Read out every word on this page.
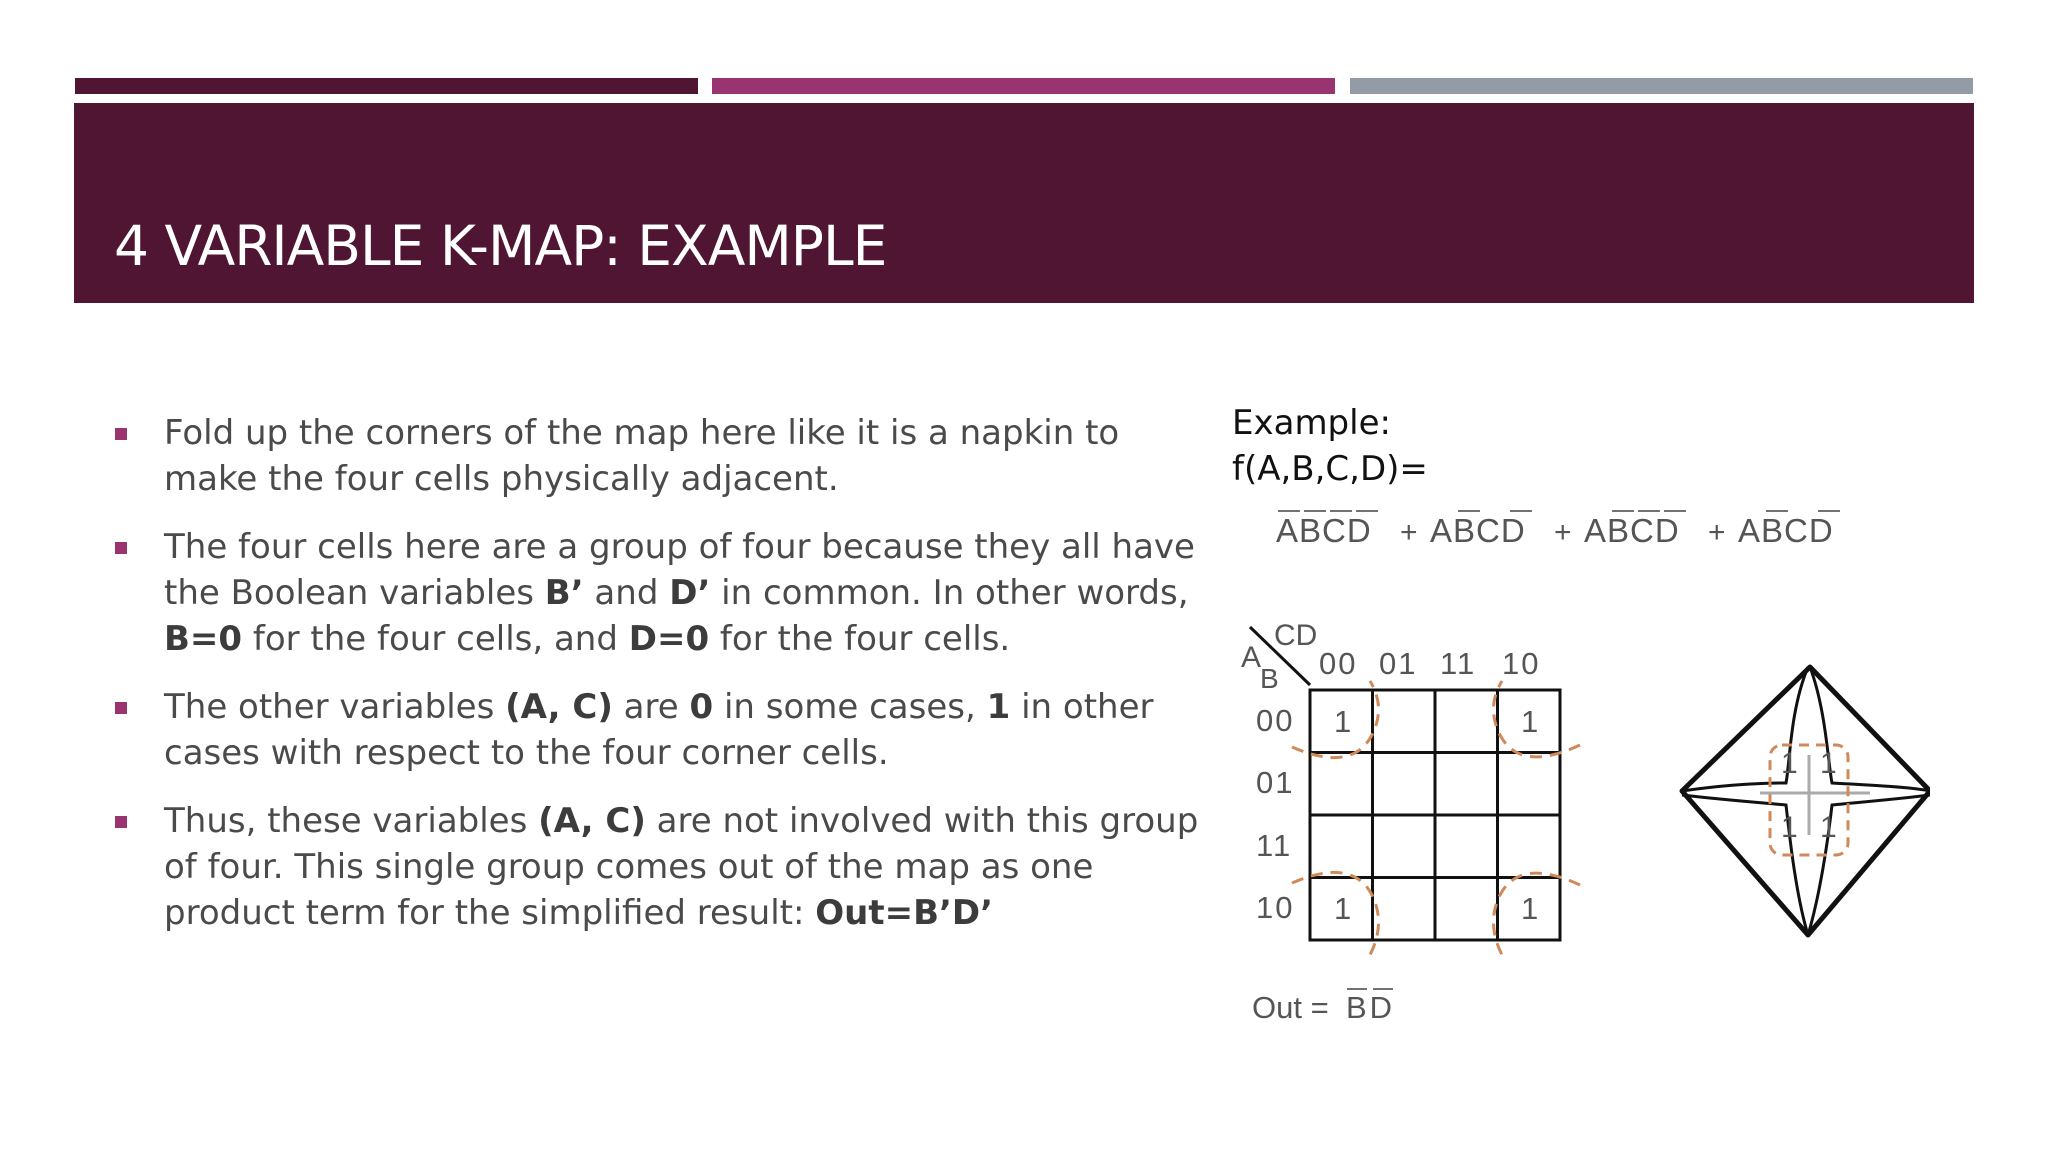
4 VARIABLE K-MAP: EXAMPLE
Fold up the corners of the map here like it is a napkin to make the four cells physically adjacent.
The four cells here are a group of four because they all have the Boolean variables B’ and D’ in common. In other words, B=0 for the four cells, and D=0 for the four cells.
The other variables (A, C) are 0 in some cases, 1 in other cases with respect to the four corner cells.
Thus, these variables (A, C) are not involved with this group of four. This single group comes out of the map as one product term for the simplified result: Out=B’D’
Example:
f(A,B,C,D)=
ABCD + ABCD + ABCD + ABCD
CD
A
B 00 01 11 10
00
01
11
10
1	1
1	1
Out = BD
1 1
1 1
